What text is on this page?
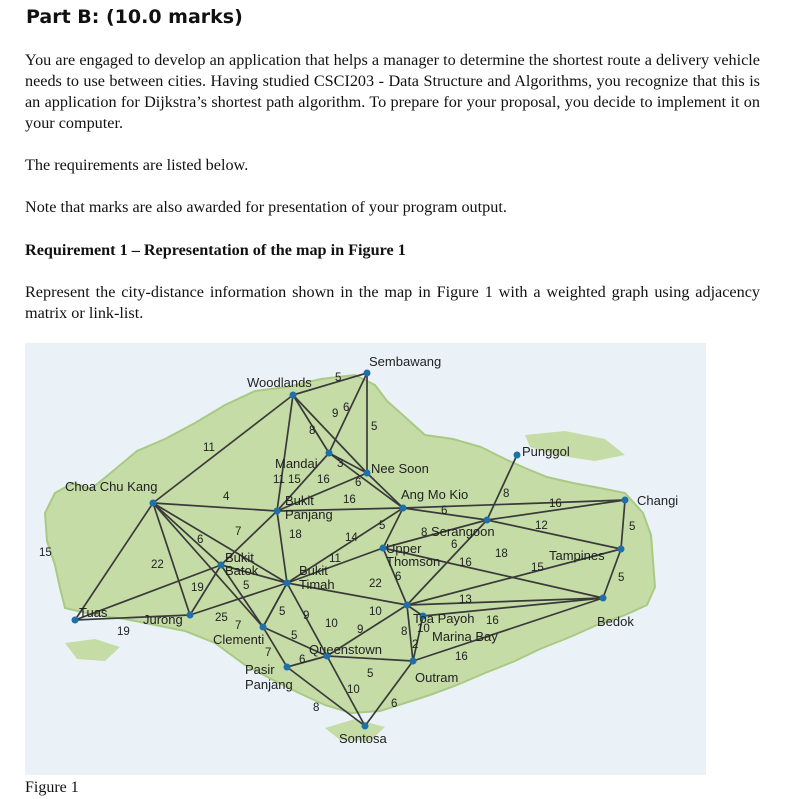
Part B: (10.0 marks)

You are engaged to develop an application that helps a manager to determine the shortest route a delivery vehicle needs to use between cities. Having studied CSCI203 - Data Structure and Algorithms, you recognize that this is an application for Dijkstra’s shortest path algorithm. To prepare for your proposal, you decide to implement it on your computer.

The requirements are listed below.

Note that marks are also awarded for presentation of your program output.

Requirement 1 – Representation of the map in Figure 1

Represent the city-distance information shown in the map in Figure 1 with a weighted graph using adjacency matrix or link-list.

Woodlands
Sembawang
Mandai	Nee Soon
Punggol
Choa Chu Kang
Ang Mo Kio	Changi
Bukit
Panjang
Serangoon
Upper
Thomson	Tampines
Bukit
Batok	Bukit
Timah
Tuas	Jurong
Clementi
Toa Payoh
Marina Bay
Bedok
Queenstown
Pasir
Panjang	Outram
Sontosa
5
9 6
8	5
11
3
11 15 16 6
4	16	8
16
6
12	5
18	14
5
8
6
15
22
7
6
11	18
15
5
16
19	5	22
6
13
19
25
7
5 9
10
10
9
16
8 10
5
2
16
7
6
5
10
6
8

Figure 1
